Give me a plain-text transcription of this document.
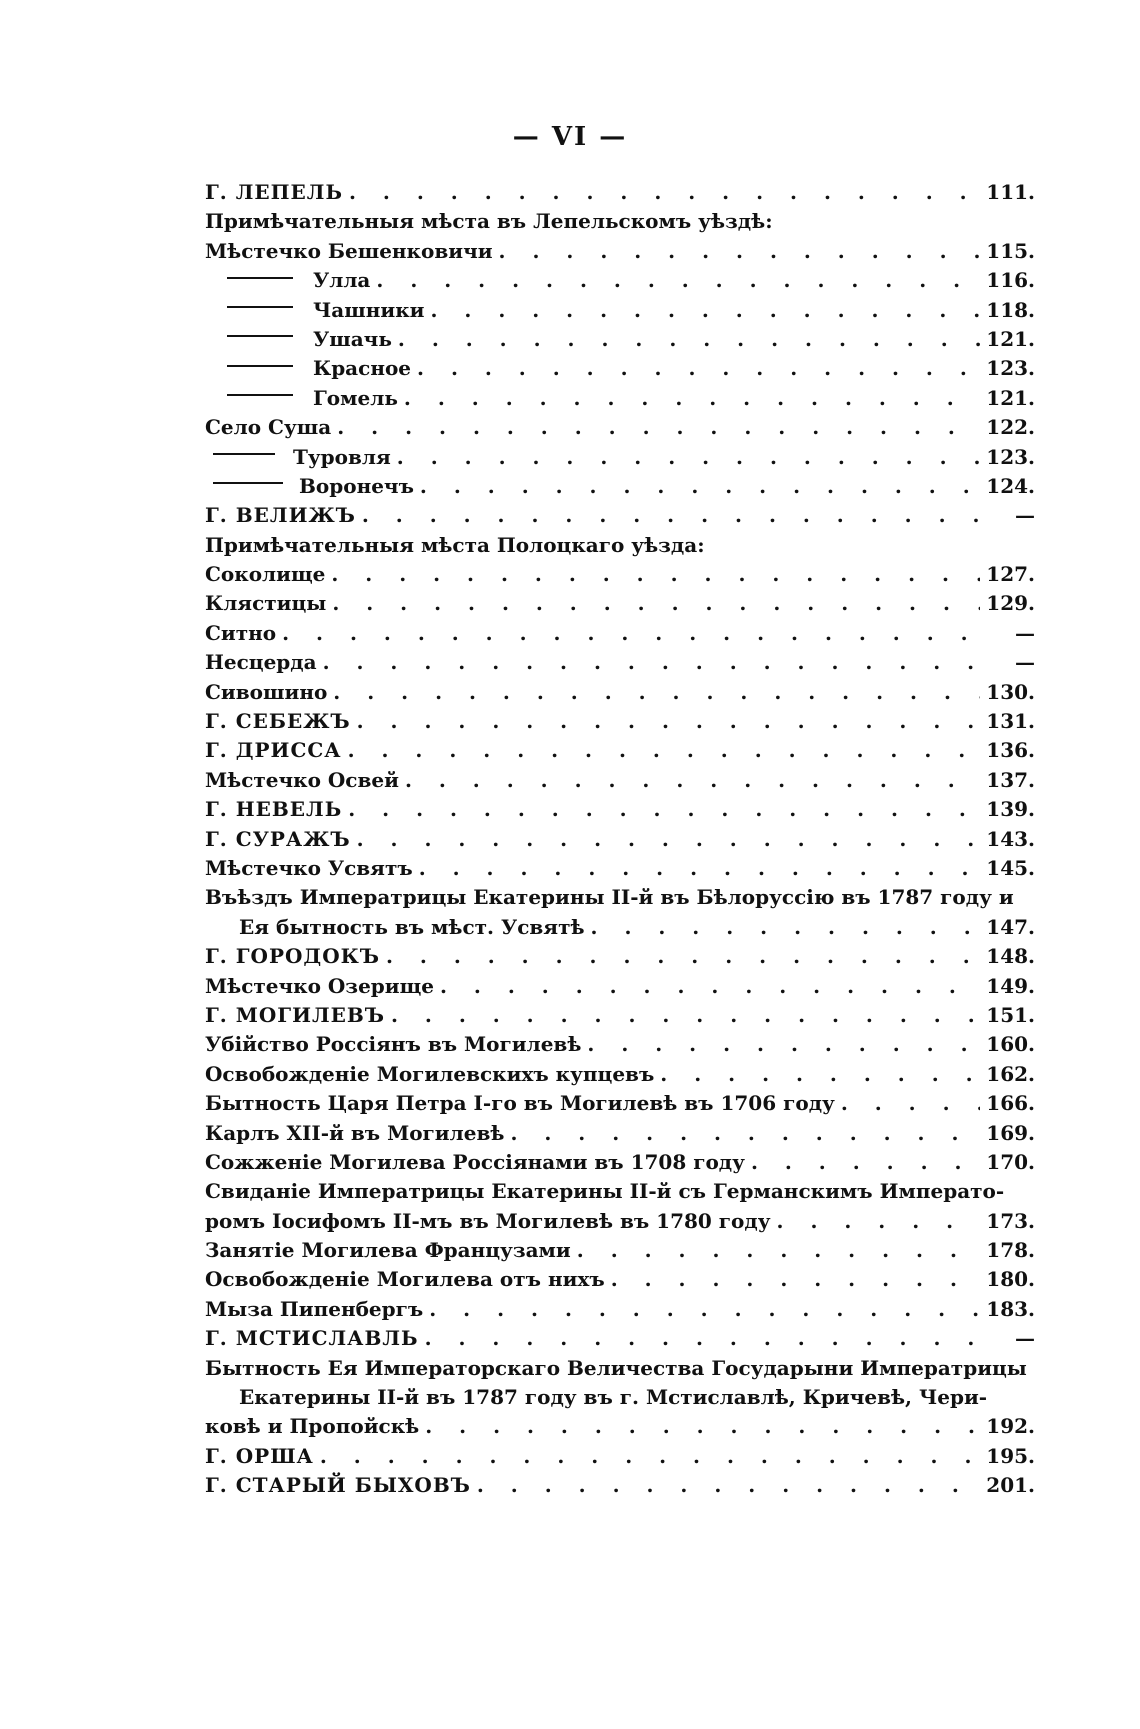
— VI —
Г. ЛЕПЕЛЬ . . .	111.
Примѣчательныя мѣста въ Лепельскомъ уѣздѣ:
Мѣстечко Бешенковичи . . .	115.
Улла . . .	116.
Чашники . . .	118.
Ушачь . . .	121.
Красное . . .	123.
Гомель . . .	121.
Село Суша . . .	122.
Туровля . . .	123.
Воронечъ . . .	124.
Г. ВЕЛИЖЪ . . .	—
Примѣчательныя мѣста Полоцкаго уѣзда:
Соколище . . .	127.
Клястицы . . .	129.
Ситно . . .	—
Несцерда . . .	—
Сивошино . . .	130.
Г. СЕБЕЖЪ . . .	131.
Г. ДРИССА . . .	136.
Мѣстечко Освей . . .	137.
Г. НЕВЕЛЬ . . .	139.
Г. СУРАЖЪ . . .	143.
Мѣстечко Усвятъ . . .	145.
Въѣздъ Императрицы Екатерины II-й въ Бѣлоруссію въ 1787 году и
Ея бытность въ мѣст. Усвятѣ . . .	147.
Г. ГОРОДОКЪ . . .	148.
Мѣстечко Озерище . . .	149.
Г. МОГИЛЕВЪ . . .	151.
Убійство Россіянъ въ Могилевѣ . . .	160.
Освобожденіе Могилевскихъ купцевъ . . .	162.
Бытность Царя Петра I-го въ Могилевѣ въ 1706 году . . .	166.
Карлъ XII-й въ Могилевѣ . . .	169.
Сожженіе Могилева Россіянами въ 1708 году . . .	170.
Свиданіе Императрицы Екатерины II-й съ Германскимъ Императо-
ромъ Іосифомъ II-мъ въ Могилевѣ въ 1780 году . . .	173.
Занятіе Могилева Французами . . .	178.
Освобожденіе Могилева отъ нихъ . . .	180.
Мыза Пипенбергъ . . .	183.
Г. МСТИСЛАВЛЬ . . .	—
Бытность Ея Императорскаго Величества Государыни Императрицы
Екатерины II-й въ 1787 году въ г. Мстиславлѣ, Кричевѣ, Чери-
ковѣ и Пропойскѣ . . .	192.
Г. ОРША . . .	195.
Г. СТАРЫЙ БЫХОВЪ . . .	201.
